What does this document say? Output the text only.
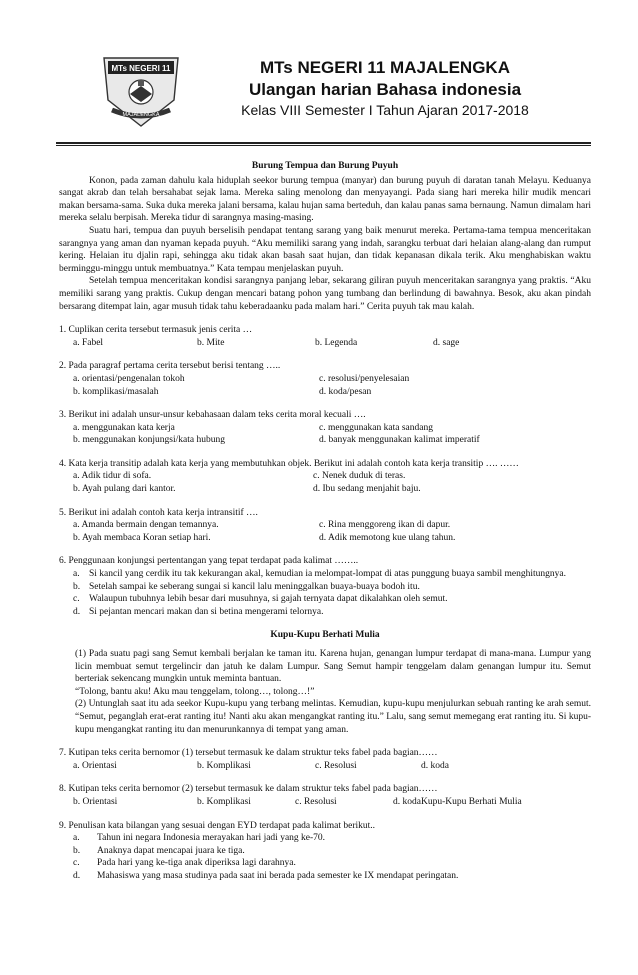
MTs NEGERI 11
MAJALENGKA
MTs NEGERI 11 MAJALENGKA
Ulangan harian Bahasa indonesia
Kelas VIII Semester I Tahun Ajaran 2017-2018

Burung Tempua dan Burung Puyuh

Konon, pada zaman dahulu kala hiduplah seekor burung tempua (manyar) dan burung puyuh di daratan tanah Melayu. Keduanya sangat akrab dan telah bersahabat sejak lama. Mereka saling menolong dan menyayangi. Pada siang hari mereka hilir mudik mencari makan bersama-sama. Suka duka mereka jalani bersama, kalau hujan sama berteduh, dan kalau panas sama bernaung. Namun dimalam hari mereka selalu berpisah. Mereka tidur di sarangnya masing-masing.

Suatu hari, tempua dan puyuh berselisih pendapat tentang sarang yang baik menurut mereka. Pertama-tama tempua menceritakan sarangnya yang aman dan nyaman kepada puyuh. “Aku memiliki sarang yang indah, sarangku terbuat dari helaian alang-alang dan rumput kering. Helaian itu djalin rapi, sehingga aku tidak akan basah saat hujan, dan tidak kepanasan dikala terik. Aku menghabiskan waktu berminggu-minggu untuk membuatnya.” Kata tempau menjelaskan puyuh.

Setelah tempua menceritakan kondisi sarangnya panjang lebar, sekarang giliran puyuh menceritakan sarangnya yang praktis. “Aku memiliki sarang yang praktis. Cukup dengan mencari batang pohon yang tumbang dan berlindung di bawahnya. Besok, aku akan pindah bersarang ditempat lain, agar musuh tidak tahu keberadaanku pada malam hari.” Cerita puyuh tak mau kalah.

1. Cuplikan cerita tersebut termasuk jenis cerita …
a. Fabel	b. Mite	b. Legenda	d. sage
2. Pada paragraf pertama cerita tersebut berisi tentang …..
a. orientasi/pengenalan tokoh	c. resolusi/penyelesaian
b. komplikasi/masalah	d. koda/pesan
3. Berikut ini adalah unsur-unsur kebahasaan dalam teks cerita moral kecuali ….
a. menggunakan kata kerja	c. menggunakan kata sandang
b. menggunakan konjungsi/kata hubung	d. banyak menggunakan kalimat imperatif
4. Kata kerja transitip adalah kata kerja yang membutuhkan objek. Berikut ini adalah contoh kata kerja transitip …. ……
a. Adik tidur di sofa.	c. Nenek duduk di teras.
b. Ayah pulang dari kantor.	d. Ibu sedang menjahit baju.
5. Berikut ini adalah contoh kata kerja intransitif ….
a. Amanda bermain dengan temannya.	c. Rina menggoreng ikan di dapur.
b. Ayah membaca Koran setiap hari.	d. Adik memotong kue ulang tahun.
6. Penggunaan konjungsi pertentangan yang tepat terdapat pada kalimat ……..
a. Si kancil yang cerdik itu tak kekurangan akal, kemudian ia melompat-lompat di atas punggung buaya sambil menghitungnya.
b. Setelah sampai ke seberang sungai si kancil lalu meninggalkan buaya-buaya bodoh itu.
c. Walaupun tubuhnya lebih besar dari musuhnya, si gajah ternyata dapat dikalahkan oleh semut.
d. Si pejantan mencari makan dan si betina mengerami telornya.

Kupu-Kupu Berhati Mulia

(1) Pada suatu pagi sang Semut kembali berjalan ke taman itu. Karena hujan, genangan lumpur terdapat di mana-mana. Lumpur yang licin membuat semut tergelincir dan jatuh ke dalam Lumpur. Sang Semut hampir tenggelam dalam genangan lumpur itu. Semut berteriak sekencang mungkin untuk meminta bantuan.

“Tolong, bantu aku! Aku mau tenggelam, tolong…, tolong…!”

(2) Untunglah saat itu ada seekor Kupu-kupu yang terbang melintas. Kemudian, kupu-kupu menjulurkan sebuah ranting ke arah semut. “Semut, peganglah erat-erat ranting itu! Nanti aku akan mengangkat ranting itu.” Lalu, sang semut memegang erat ranting itu. Si kupu-kupu mengangkat ranting itu dan menurunkannya di tempat yang aman.

7. Kutipan teks cerita bernomor (1) tersebut termasuk ke dalam struktur teks fabel pada bagian……
a. Orientasi	b. Komplikasi	c. Resolusi	d. koda
8. Kutipan teks cerita bernomor (2) tersebut termasuk ke dalam struktur teks fabel pada bagian……
b. Orientasi	b. Komplikasi	c. Resolusi	d. kodaKupu-Kupu Berhati Mulia
9. Penulisan kata bilangan yang sesuai dengan EYD terdapat pada kalimat berikut..
a.	Tahun ini negara Indonesia merayakan hari jadi yang ke-70.
b.	Anaknya dapat mencapai juara ke tiga.
c.	Pada hari yang ke-tiga anak diperiksa lagi darahnya.
d.	Mahasiswa yang masa studinya pada saat ini berada pada semester ke IX mendapat peringatan.
